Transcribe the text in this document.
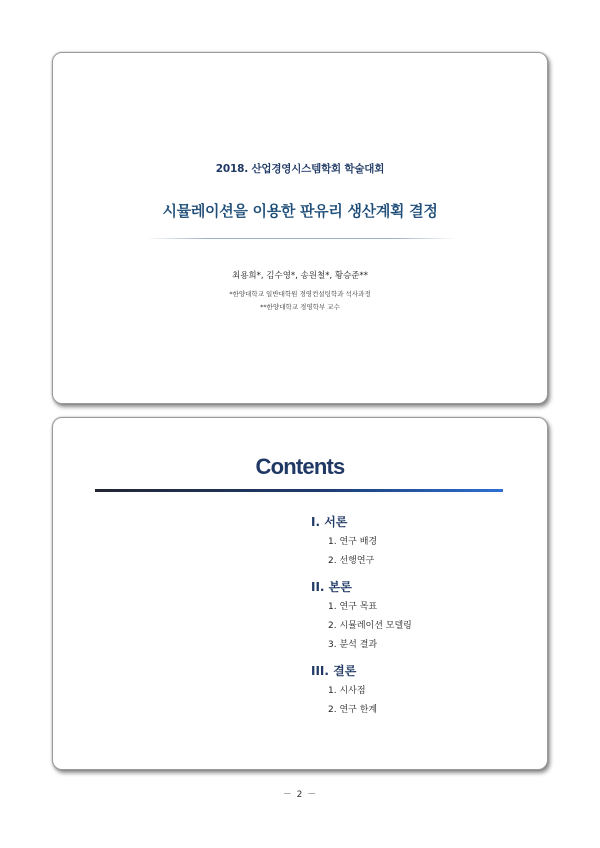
2018. 산업경영시스템학회 학술대회
시뮬레이션을 이용한 판유리 생산계획 결정
최용희*, 김수영*, 송원철*, 황승준**
*한양대학교 일반대학원 경영컨설팅학과 석사과정
**한양대학교 경영학부 교수
Contents
I. 서론
1. 연구 배경
2. 선행연구
II. 본론
1. 연구 목표
2. 시뮬레이션 모델링
3. 분석 결과
III. 결론
1. 시사점
2. 연구 한계
－ 2 －
